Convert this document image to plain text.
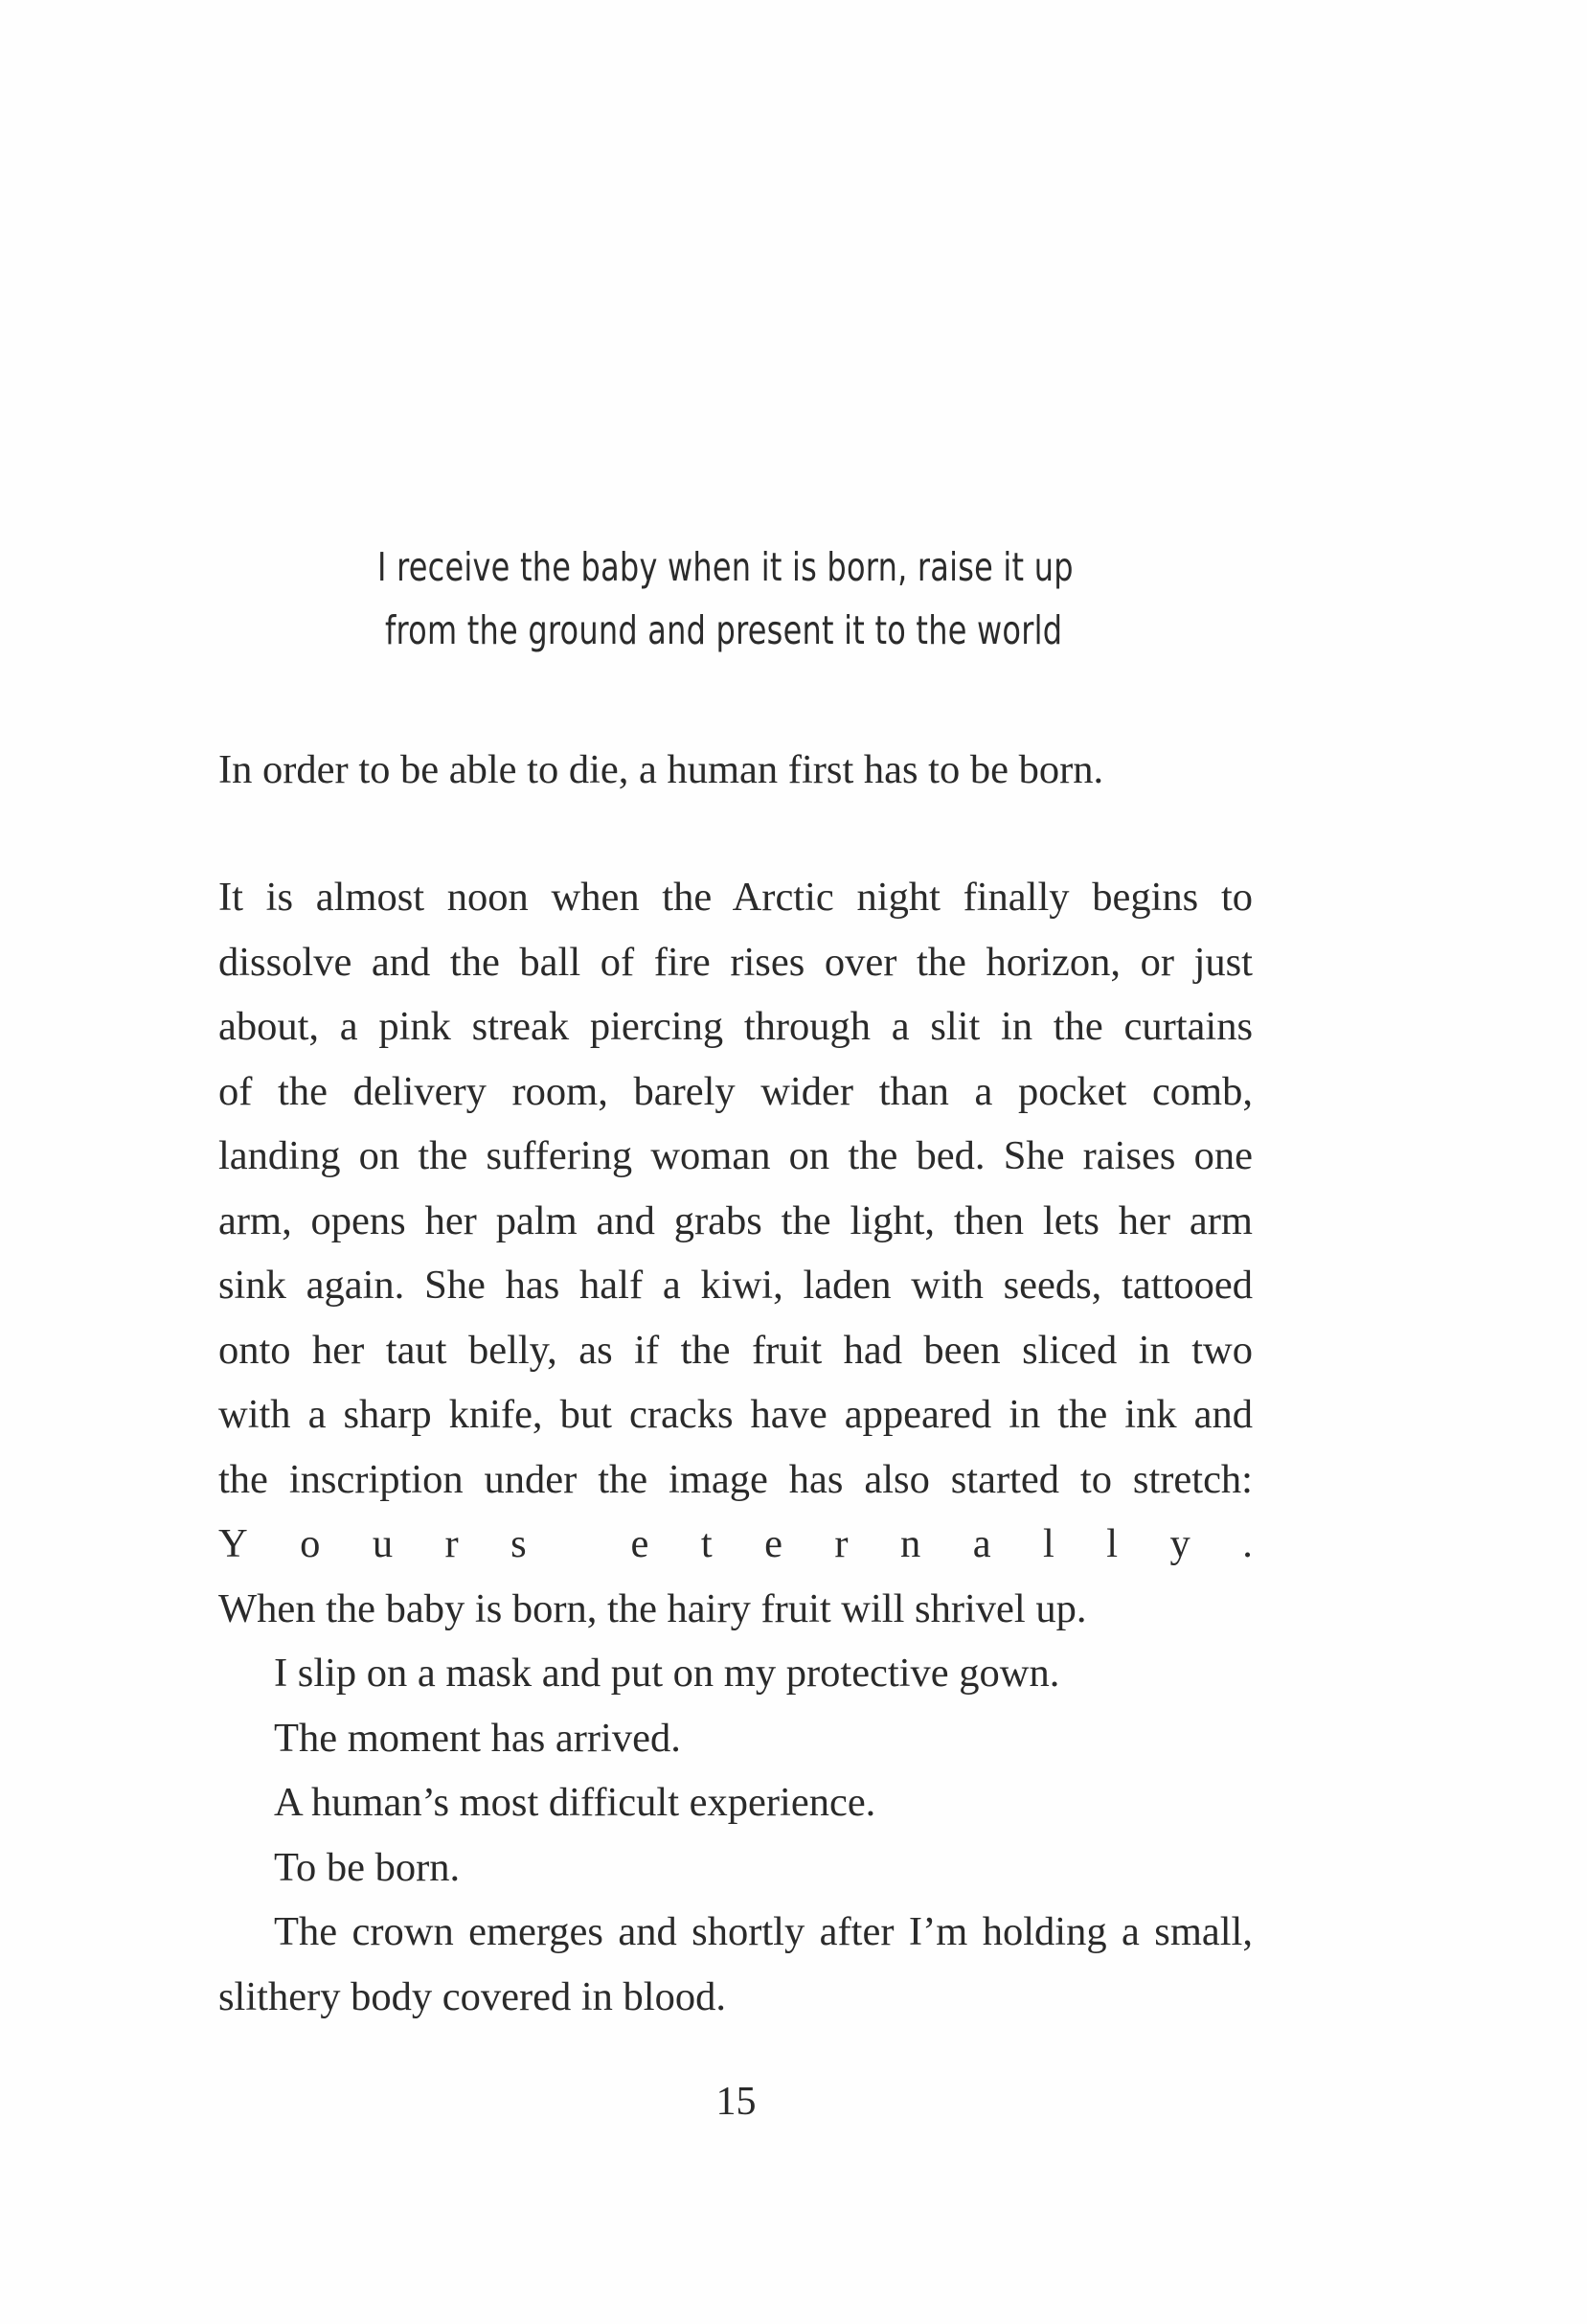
I receive the baby when it is born, raise it up
from the ground and present it to the world
In order to be able to die, a human first has to be born.
It is almost noon when the Arctic night finally begins to
dissolve and the ball of fire rises over the horizon, or just
about, a pink streak piercing through a slit in the curtains
of the delivery room, barely wider than a pocket comb,
landing on the suffering woman on the bed. She raises one
arm, opens her palm and grabs the light, then lets her arm
sink again. She has half a kiwi, laden with seeds, tattooed
onto her taut belly, as if the fruit had been sliced in two
with a sharp knife, but cracks have appeared in the ink and
the inscription under the image has also started to stretch:
Y o u r s	e t e r n a l l y .
When the baby is born, the hairy fruit will shrivel up.
I slip on a mask and put on my protective gown.
The moment has arrived.
A human’s most difficult experience.
To be born.
The crown emerges and shortly after I’m holding a small,
slithery body covered in blood.
15
